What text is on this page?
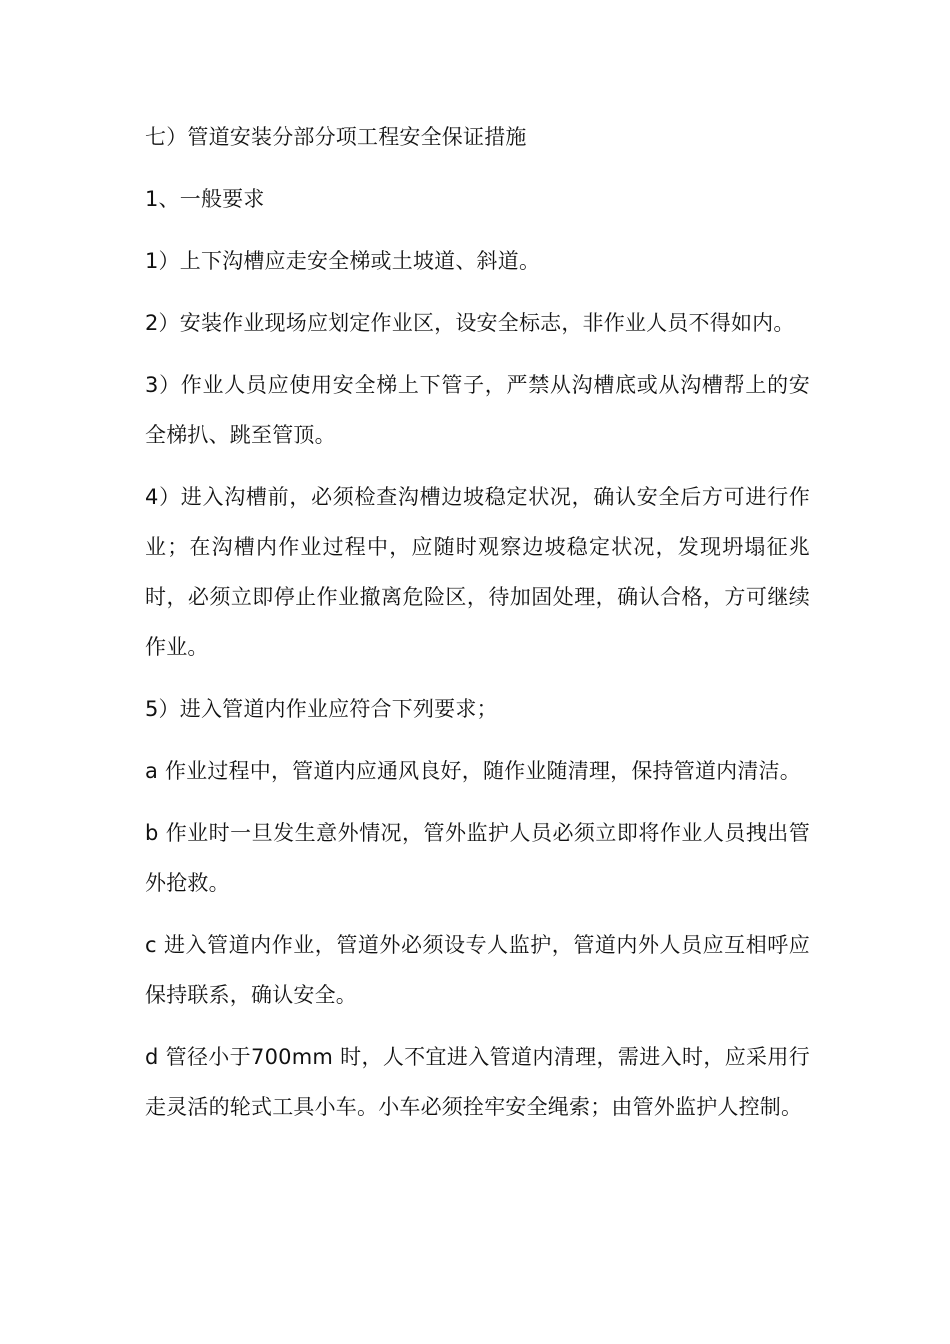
七）管道安装分部分项工程安全保证措施

1、一般要求

1）上下沟槽应走安全梯或土坡道、斜道。

2）安装作业现场应划定作业区，设安全标志，非作业人员不得如内。

3）作业人员应使用安全梯上下管子，严禁从沟槽底或从沟槽帮上的安全梯扒、跳至管顶。

4）进入沟槽前，必须检查沟槽边坡稳定状况，确认安全后方可进行作业；在沟槽内作业过程中，应随时观察边坡稳定状况，发现坍塌征兆时，必须立即停止作业撤离危险区，待加固处理，确认合格，方可继续作业。

5）进入管道内作业应符合下列要求；

a 作业过程中，管道内应通风良好，随作业随清理，保持管道内清洁。

b 作业时一旦发生意外情况，管外监护人员必须立即将作业人员拽出管外抢救。

c 进入管道内作业，管道外必须设专人监护，管道内外人员应互相呼应保持联系，确认安全。

d 管径小于700mm 时，人不宜进入管道内清理，需进入时，应采用行走灵活的轮式工具小车。小车必须拴牢安全绳索；由管外监护人控制。
